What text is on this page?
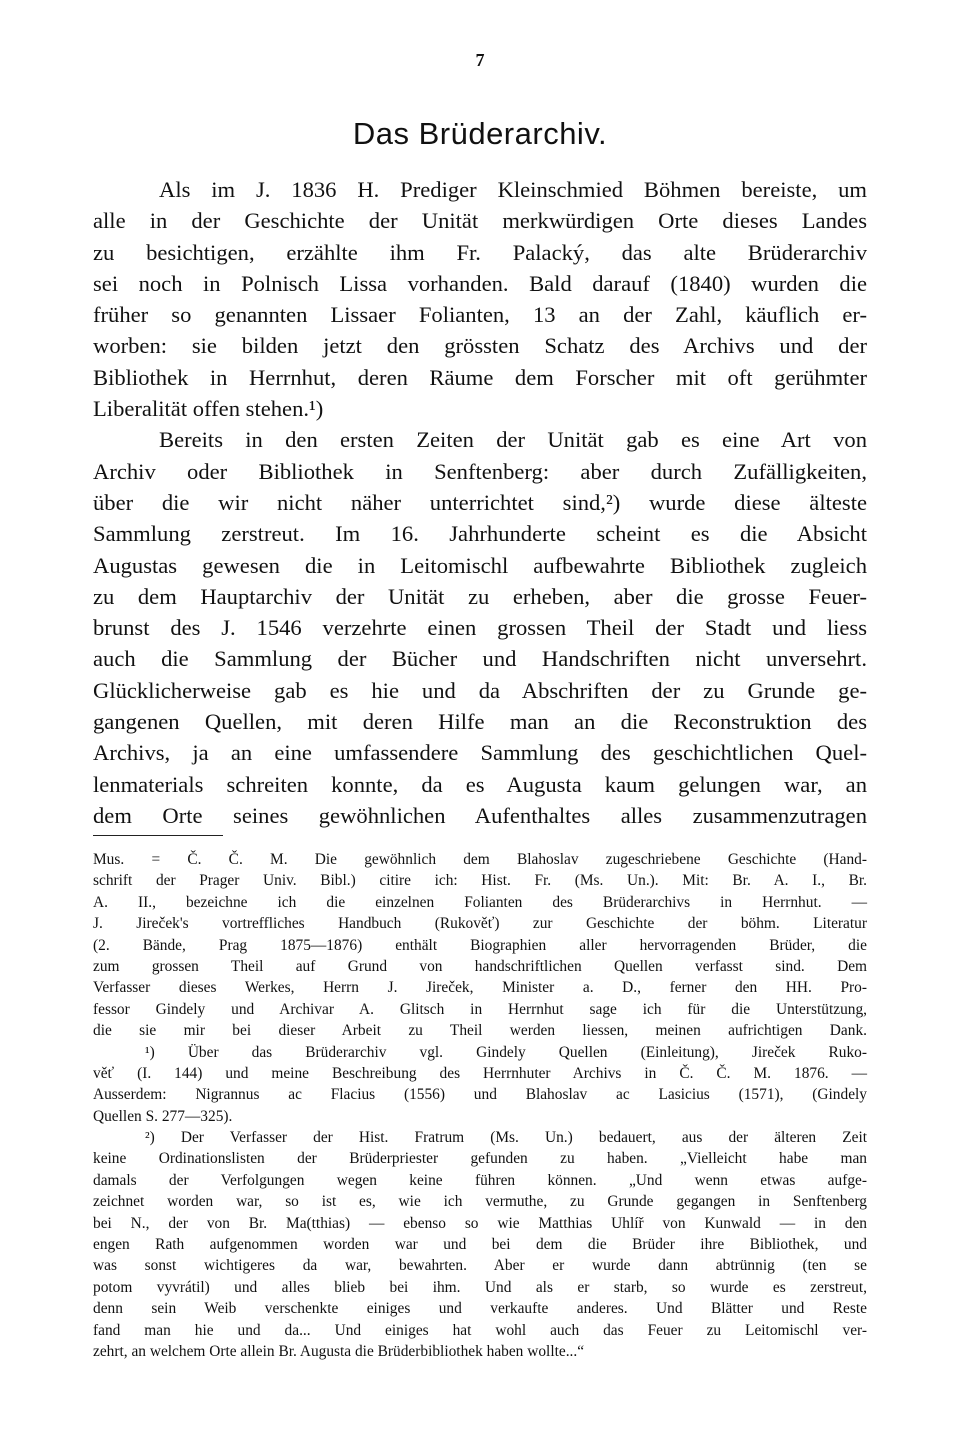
7
Das Brüderarchiv.
Als im J. 1836 H. Prediger Kleinschmied Böhmen bereiste, um
alle in der Geschichte der Unität merkwürdigen Orte dieses Landes
zu besichtigen, erzählte ihm Fr. Palacký, das alte Brüderarchiv
sei noch in Polnisch Lissa vorhanden. Bald darauf (1840) wurden die
früher so genannten Lissaer Folianten, 13 an der Zahl, käuflich er-
worben: sie bilden jetzt den grössten Schatz des Archivs und der
Bibliothek in Herrnhut, deren Räume dem Forscher mit oft gerühmter
Liberalität offen stehen.¹)
Bereits in den ersten Zeiten der Unität gab es eine Art von
Archiv oder Bibliothek in Senftenberg: aber durch Zufälligkeiten,
über die wir nicht näher unterrichtet sind,²) wurde diese älteste
Sammlung zerstreut. Im 16. Jahrhunderte scheint es die Absicht
Augustas gewesen die in Leitomischl aufbewahrte Bibliothek zugleich
zu dem Hauptarchiv der Unität zu erheben, aber die grosse Feuer-
brunst des J. 1546 verzehrte einen grossen Theil der Stadt und liess
auch die Sammlung der Bücher und Handschriften nicht unversehrt.
Glücklicherweise gab es hie und da Abschriften der zu Grunde ge-
gangenen Quellen, mit deren Hilfe man an die Reconstruktion des
Archivs, ja an eine umfassendere Sammlung des geschichtlichen Quel-
lenmaterials schreiten konnte, da es Augusta kaum gelungen war, an
dem Orte seines gewöhnlichen Aufenthaltes alles zusammenzutragen
Mus. = Č. Č. M. Die gewöhnlich dem Blahoslav zugeschriebene Geschichte (Hand-
schrift der Prager Univ. Bibl.) citire ich: Hist. Fr. (Ms. Un.). Mit: Br. A. I., Br.
A. II., bezeichne ich die einzelnen Folianten des Brüderarchivs in Herrnhut. —
J. Jireček's vortreffliches Handbuch (Rukověť) zur Geschichte der böhm. Literatur
(2. Bände, Prag 1875—1876) enthält Biographien aller hervorragenden Brüder, die
zum grossen Theil auf Grund von handschriftlichen Quellen verfasst sind. Dem
Verfasser dieses Werkes, Herrn J. Jireček, Minister a. D., ferner den HH. Pro-
fessor Gindely und Archivar A. Glitsch in Herrnhut sage ich für die Unterstützung,
die sie mir bei dieser Arbeit zu Theil werden liessen, meinen aufrichtigen Dank.
¹) Über das Brüderarchiv vgl. Gindely Quellen (Einleitung), Jireček Ruko-
věť (I. 144) und meine Beschreibung des Herrnhuter Archivs in Č. Č. M. 1876. —
Ausserdem: Nigrannus ac Flacius (1556) und Blahoslav ac Lasicius (1571), (Gindely
Quellen S. 277—325).
²) Der Verfasser der Hist. Fratrum (Ms. Un.) bedauert, aus der älteren Zeit
keine Ordinationslisten der Brüderpriester gefunden zu haben. „Vielleicht habe man
damals der Verfolgungen wegen keine führen können. „Und wenn etwas aufge-
zeichnet worden war, so ist es, wie ich vermuthe, zu Grunde gegangen in Senftenberg
bei N., der von Br. Ma(tthias) — ebenso so wie Matthias Uhlíř von Kunwald — in den
engen Rath aufgenommen worden war und bei dem die Brüder ihre Bibliothek, und
was sonst wichtigeres da war, bewahrten. Aber er wurde dann abtrünnig (ten se
potom vyvrátil) und alles blieb bei ihm. Und als er starb, so wurde es zerstreut,
denn sein Weib verschenkte einiges und verkaufte anderes. Und Blätter und Reste
fand man hie und da... Und einiges hat wohl auch das Feuer zu Leitomischl ver-
zehrt, an welchem Orte allein Br. Augusta die Brüderbibliothek haben wollte...“
